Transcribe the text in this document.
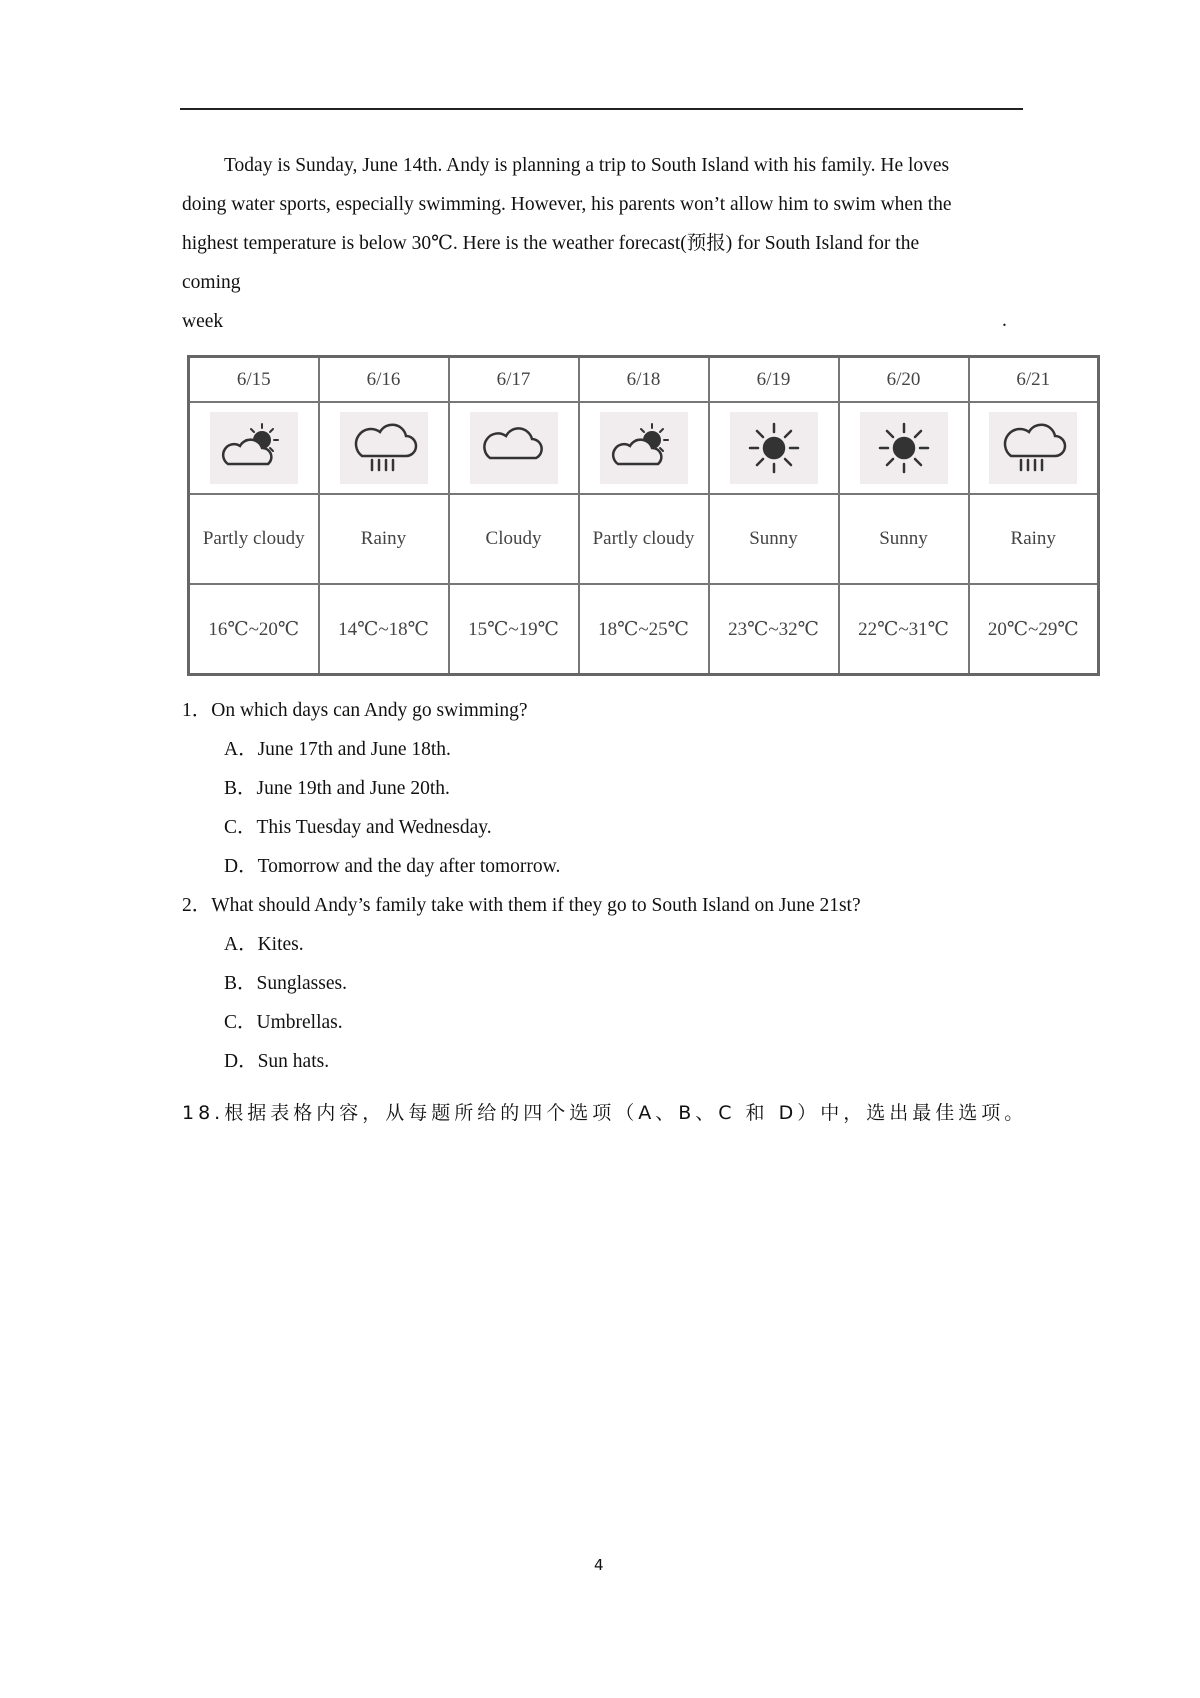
Today is Sunday, June 14th. Andy is planning a trip to South Island with his family. He loves
doing water sports, especially swimming. However, his parents won’t allow him to swim when the
highest temperature is below 30℃. Here is the weather forecast(预报) for South Island for the
coming
week	.
6/15	6/16	6/17	6/18	6/19	6/20	6/21

Partly cloudy	Rainy	Cloudy	Partly cloudy	Sunny	Sunny	Rainy
16℃~20℃	14℃~18℃	15℃~19℃	18℃~25℃	23℃~32℃	22℃~31℃	20℃~29℃
1．On which days can Andy go swimming?
A．June 17th and June 18th.
B．June 19th and June 20th.
C．This Tuesday and Wednesday.
D．Tomorrow and the day after tomorrow.
2．What should Andy’s family take with them if they go to South Island on June 21st?
A．Kites.
B．Sunglasses.
C．Umbrellas.
D．Sun hats.
18.根据表格内容，从每题所给的四个选项（A、B、C 和 D）中，选出最佳选项。
4
